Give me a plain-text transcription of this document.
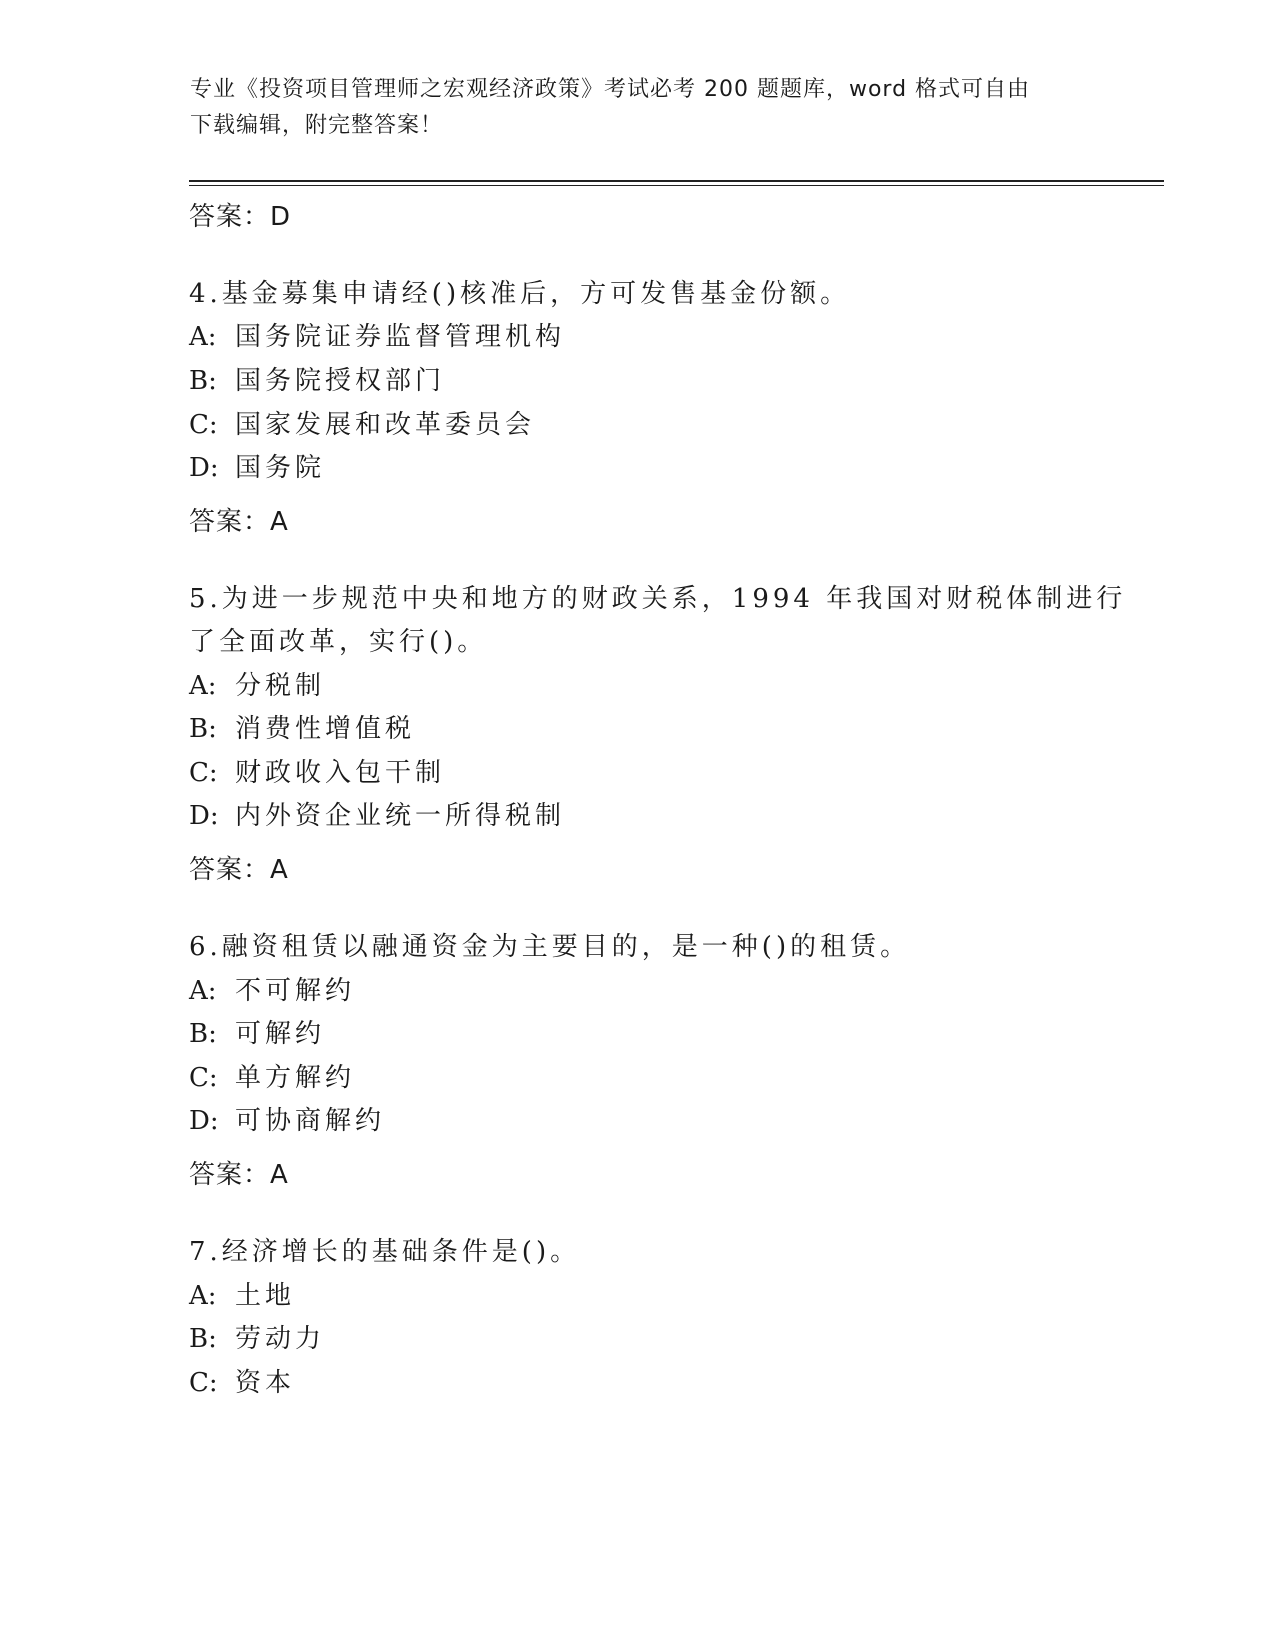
专业《投资项目管理师之宏观经济政策》考试必考 200 题题库，word 格式可自由
下载编辑，附完整答案！
答案：D
4.基金募集申请经()核准后，方可发售基金份额。
A: 国务院证券监督管理机构
B: 国务院授权部门
C: 国家发展和改革委员会
D: 国务院
答案：A
5.为进一步规范中央和地方的财政关系，1994 年我国对财税体制进行
了全面改革，实行()。
A: 分税制
B: 消费性增值税
C: 财政收入包干制
D: 内外资企业统一所得税制
答案：A
6.融资租赁以融通资金为主要目的，是一种()的租赁。
A: 不可解约
B: 可解约
C: 单方解约
D: 可协商解约
答案：A
7.经济增长的基础条件是()。
A: 土地
B: 劳动力
C: 资本
